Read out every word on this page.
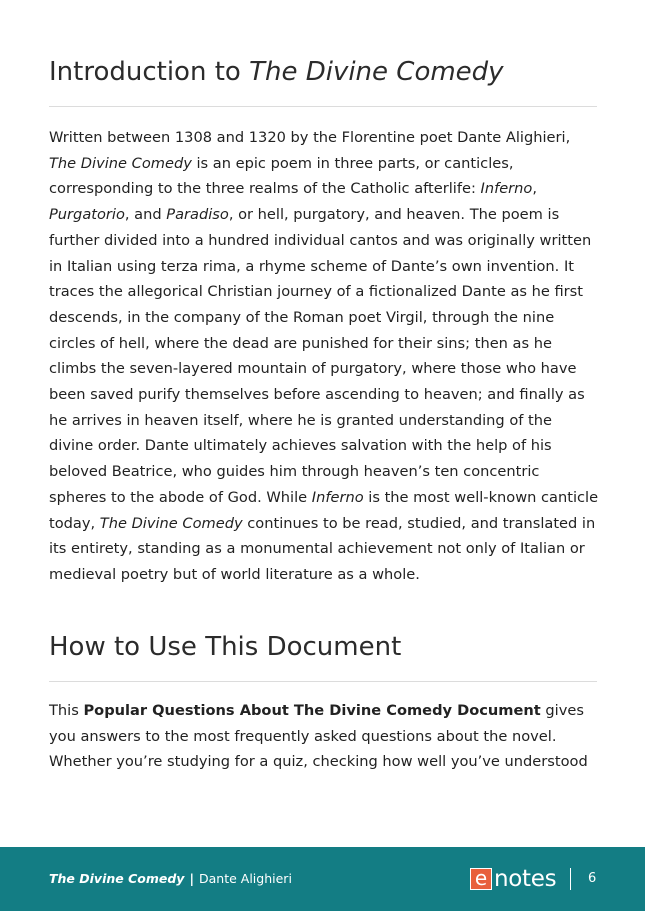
Introduction to The Divine Comedy

Written between 1308 and 1320 by the Florentine poet Dante Alighieri, The Divine Comedy is an epic poem in three parts, or canticles, corresponding to the three realms of the Catholic afterlife: Inferno, Purgatorio, and Paradiso, or hell, purgatory, and heaven. The poem is further divided into a hundred individual cantos and was originally written in Italian using terza rima, a rhyme scheme of Dante’s own invention. It traces the allegorical Christian journey of a fictionalized Dante as he first descends, in the company of the Roman poet Virgil, through the nine circles of hell, where the dead are punished for their sins; then as he climbs the seven-layered mountain of purgatory, where those who have been saved purify themselves before ascending to heaven; and finally as he arrives in heaven itself, where he is granted understanding of the divine order. Dante ultimately achieves salvation with the help of his beloved Beatrice, who guides him through heaven’s ten concentric spheres to the abode of God. While Inferno is the most well-known canticle today, The Divine Comedy continues to be read, studied, and translated in its entirety, standing as a monumental achievement not only of Italian or medieval poetry but of world literature as a whole.

How to Use This Document

This Popular Questions About The Divine Comedy Document gives you answers to the most frequently asked questions about the novel. Whether you’re studying for a quiz, checking how well you’ve understood

The Divine Comedy | Dante Alighieri	e notes 6
